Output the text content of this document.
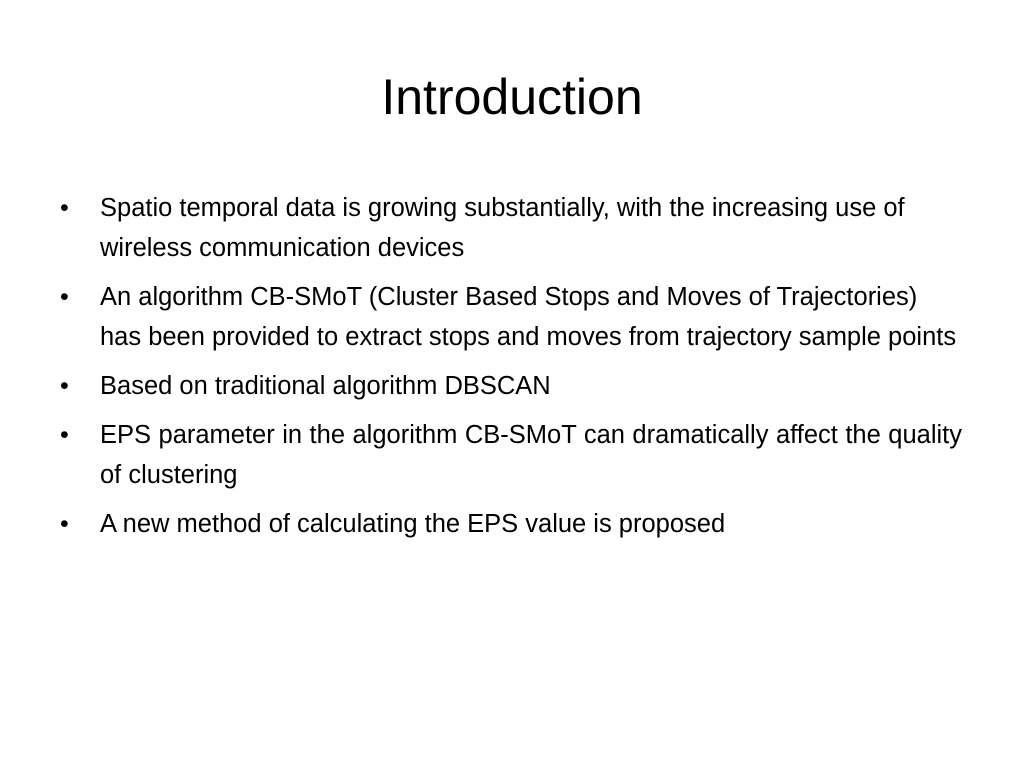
Introduction
• Spatio temporal data is growing substantially, with the increasing use of wireless communication devices
• An algorithm CB-SMoT (Cluster Based Stops and Moves of Trajectories) has been provided to extract stops and moves from trajectory sample points
• Based on traditional algorithm DBSCAN
• EPS parameter in the algorithm CB-SMoT can dramatically affect the quality of clustering
• A new method of calculating the EPS value is proposed
